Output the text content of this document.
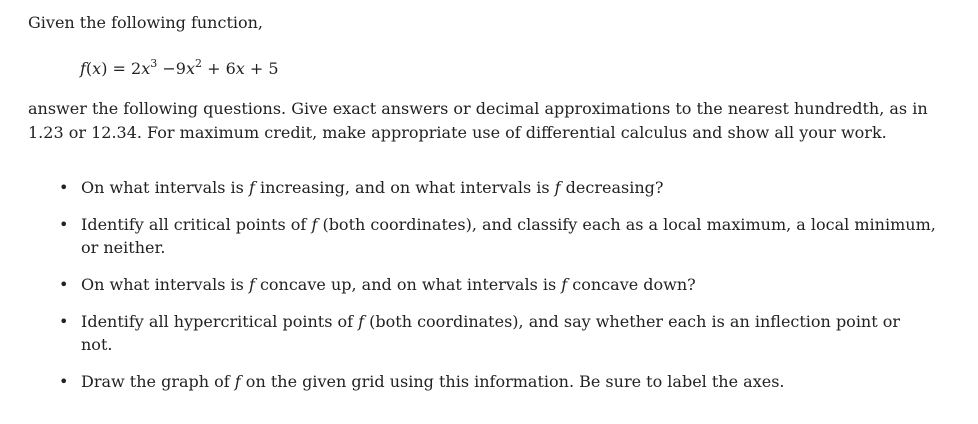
Given the following function,

$f(x) = 2x^3 -9x^2 + 6x + 5$

answer the following questions. Give exact answers or decimal approximations to the nearest hundredth, as in 1.23 or 12.34. For maximum credit, make appropriate use of differential calculus and show all your work.

• On what intervals is f increasing, and on what intervals is f decreasing?
• Identify all critical points of f (both coordinates), and classify each as a local maximum, a local minimum, or neither.
• On what intervals is f concave up, and on what intervals is f concave down?
• Identify all hypercritical points of f (both coordinates), and say whether each is an inflection point or not.
• Draw the graph of f on the given grid using this information. Be sure to label the axes.
